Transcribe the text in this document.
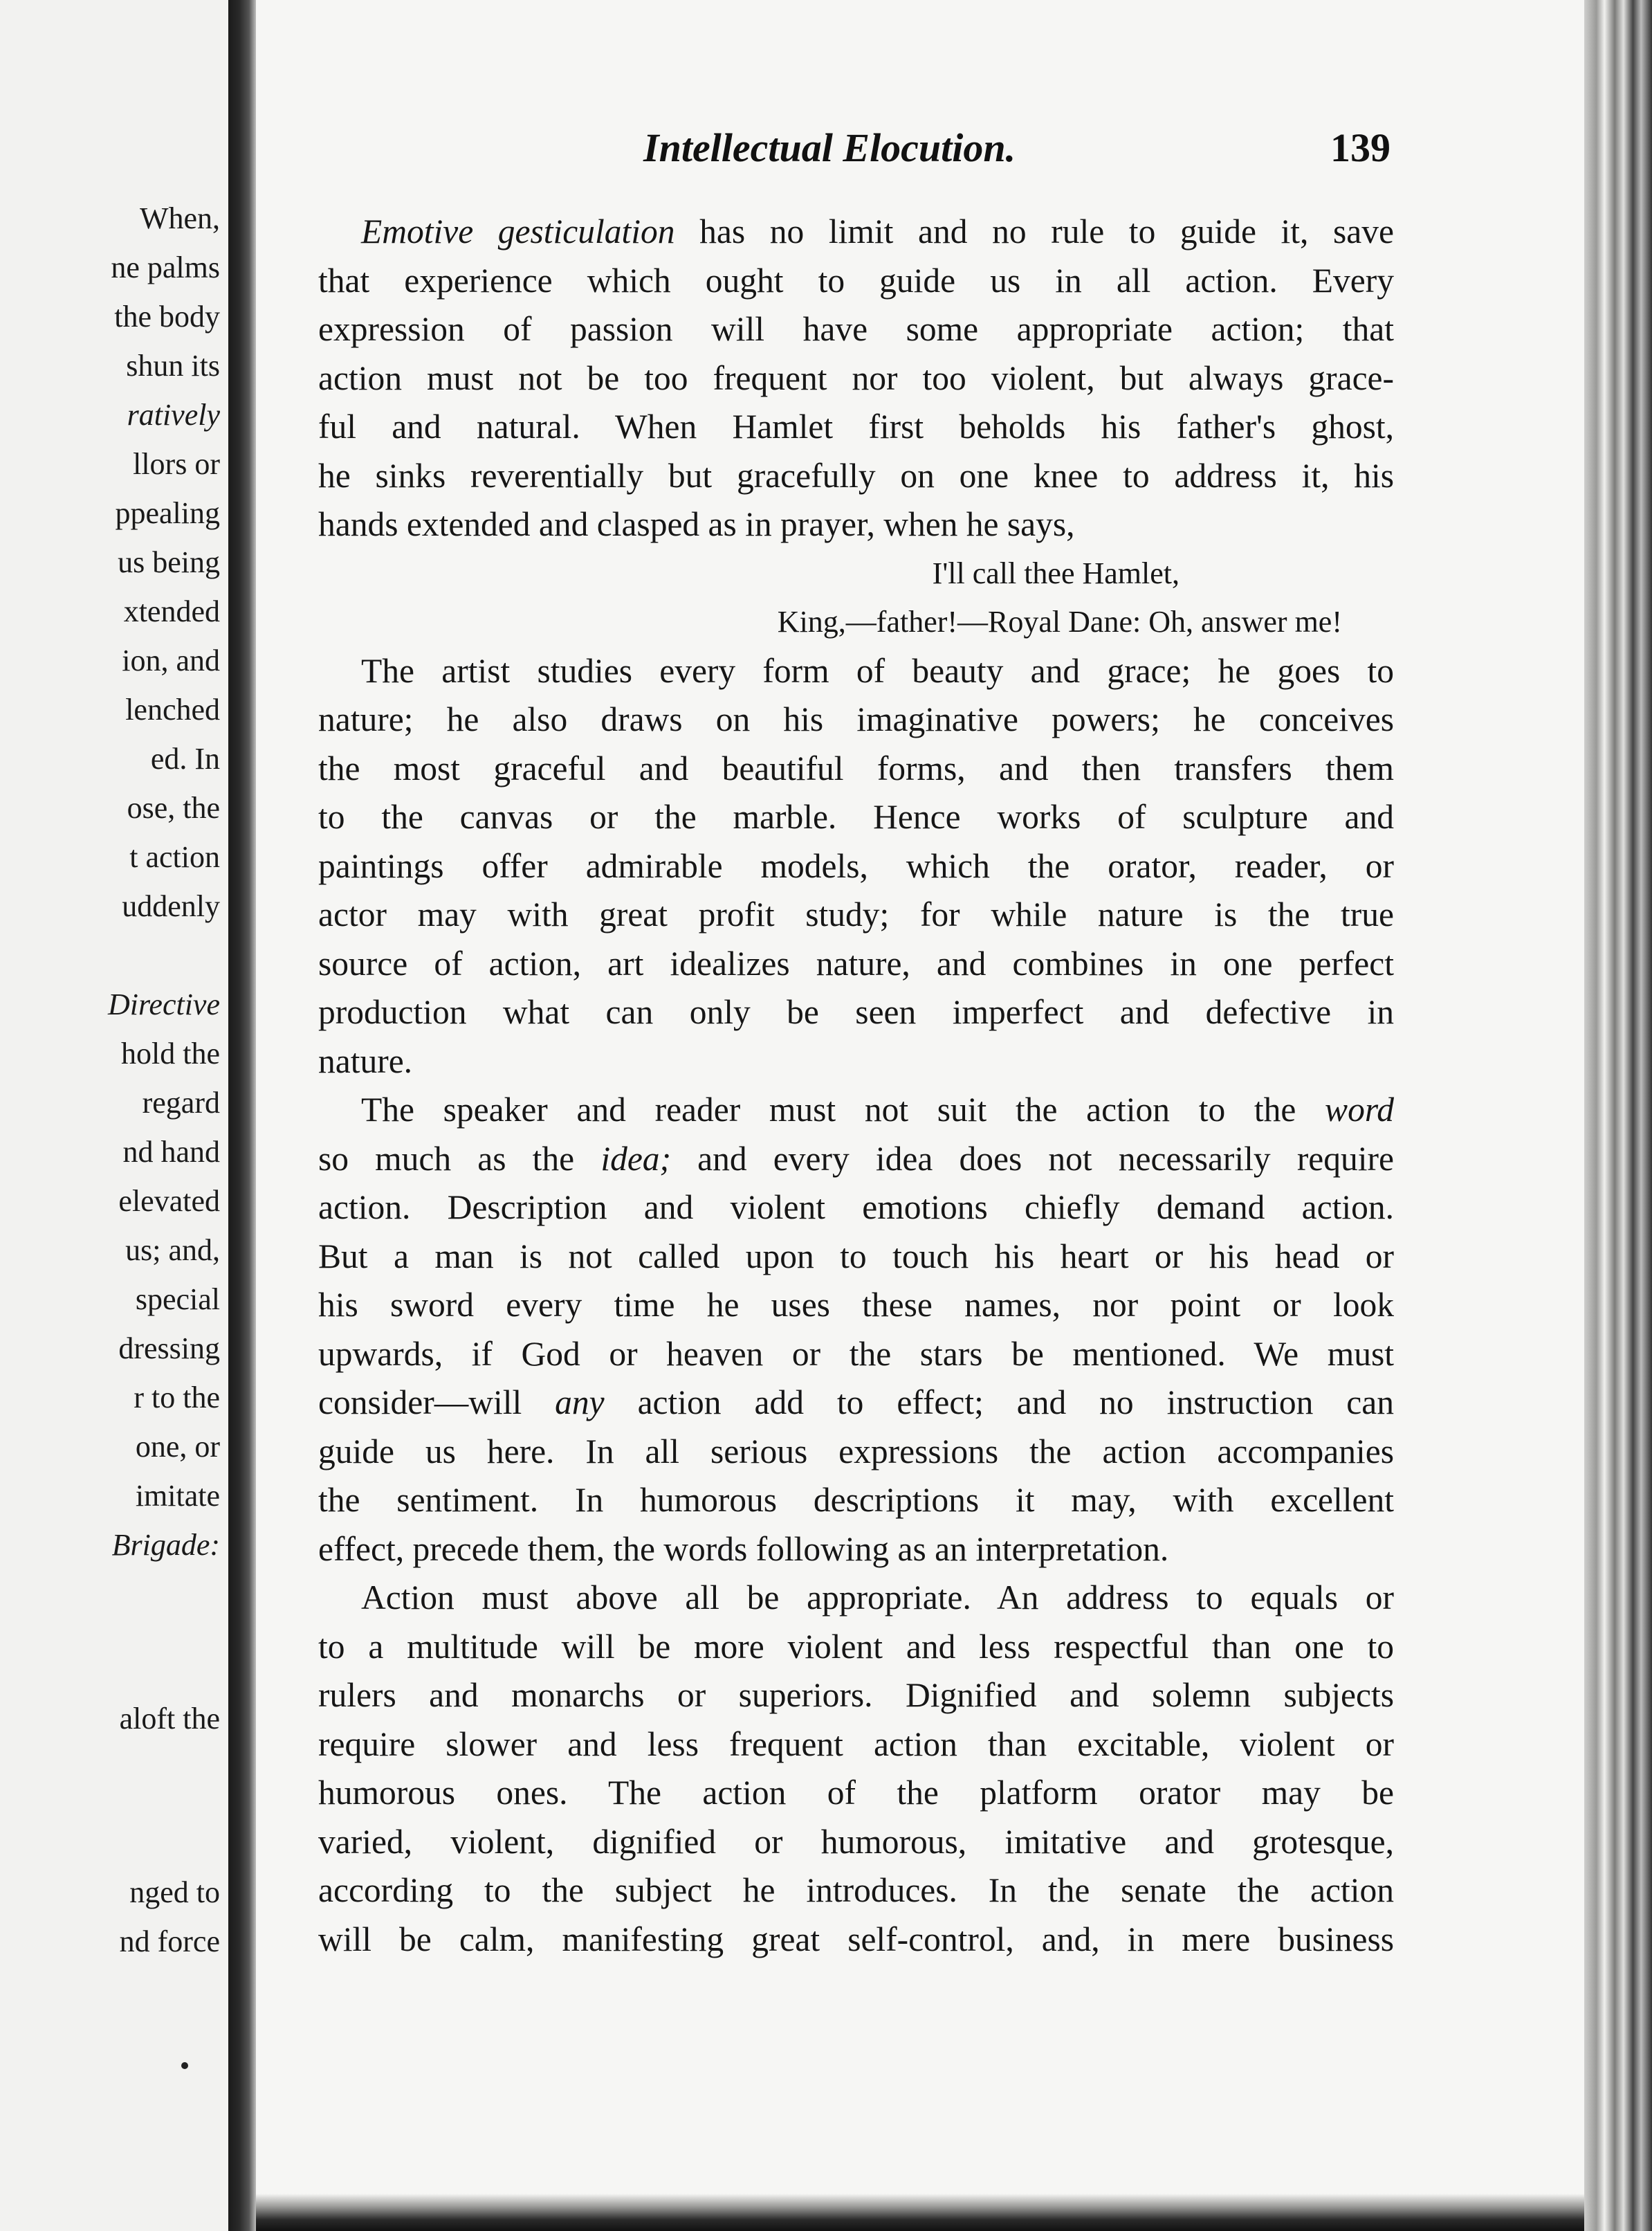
When,
ne palms
the body
shun its
ratively
llors or
ppealing
us being
xtended
ion, and
lenched
ed. In
ose, the
t action
uddenly
Directive
hold the
regard
nd hand
elevated
us; and,
special
dressing
r to the
one, or
imitate
Brigade:
aloft the
nged to
nd force
Intellectual Elocution.	139
Emotive gesticulation has no limit and no rule to guide it, save
that experience which ought to guide us in all action. Every
expression of passion will have some appropriate action; that
action must not be too frequent nor too violent, but always grace-
ful and natural. When Hamlet first beholds his father's ghost,
he sinks reverentially but gracefully on one knee to address it, his
hands extended and clasped as in prayer, when he says,
I'll call thee Hamlet,
King,—father!—Royal Dane: Oh, answer me!
The artist studies every form of beauty and grace; he goes to
nature; he also draws on his imaginative powers; he conceives
the most graceful and beautiful forms, and then transfers them
to the canvas or the marble. Hence works of sculpture and
paintings offer admirable models, which the orator, reader, or
actor may with great profit study; for while nature is the true
source of action, art idealizes nature, and combines in one perfect
production what can only be seen imperfect and defective in
nature.
The speaker and reader must not suit the action to the word
so much as the idea; and every idea does not necessarily require
action. Description and violent emotions chiefly demand action.
But a man is not called upon to touch his heart or his head or
his sword every time he uses these names, nor point or look
upwards, if God or heaven or the stars be mentioned. We must
consider—will any action add to effect; and no instruction can
guide us here. In all serious expressions the action accompanies
the sentiment. In humorous descriptions it may, with excellent
effect, precede them, the words following as an interpretation.
Action must above all be appropriate. An address to equals or
to a multitude will be more violent and less respectful than one to
rulers and monarchs or superiors. Dignified and solemn subjects
require slower and less frequent action than excitable, violent or
humorous ones. The action of the platform orator may be
varied, violent, dignified or humorous, imitative and grotesque,
according to the subject he introduces. In the senate the action
will be calm, manifesting great self-control, and, in mere business
